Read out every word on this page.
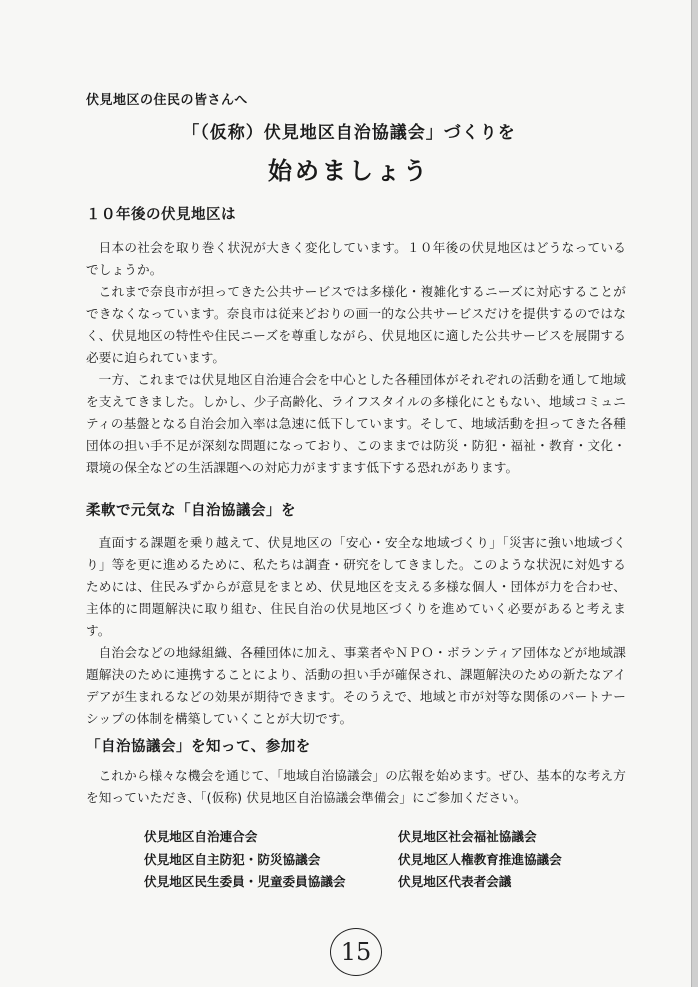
伏見地区の住民の皆さんへ
「（仮称）伏見地区自治協議会」づくりを
始めましょう
１０年後の伏見地区は

日本の社会を取り巻く状況が大きく変化しています。１０年後の伏見地区はどうなっているでしょうか。

これまで奈良市が担ってきた公共サービスでは多様化・複雑化するニーズに対応することができなくなっています。奈良市は従来どおりの画一的な公共サービスだけを提供するのではなく、伏見地区の特性や住民ニーズを尊重しながら、伏見地区に適した公共サービスを展開する必要に迫られています。

一方、これまでは伏見地区自治連合会を中心とした各種団体がそれぞれの活動を通して地域を支えてきました。しかし、少子高齢化、ライフスタイルの多様化にともない、地域コミュニティの基盤となる自治会加入率は急速に低下しています。そして、地域活動を担ってきた各種団体の担い手不足が深刻な問題になっており、このままでは防災・防犯・福祉・教育・文化・環境の保全などの生活課題への対応力がますます低下する恐れがあります。

柔軟で元気な「自治協議会」を

直面する課題を乗り越えて、伏見地区の「安心・安全な地域づくり」「災害に強い地域づくり」等を更に進めるために、私たちは調査・研究をしてきました。このような状況に対処するためには、住民みずからが意見をまとめ、伏見地区を支える多様な個人・団体が力を合わせ、主体的に問題解決に取り組む、住民自治の伏見地区づくりを進めていく必要があると考えます。

自治会などの地縁組織、各種団体に加え、事業者やＮＰＯ・ボランティア団体などが地域課題解決のために連携することにより、活動の担い手が確保され、課題解決のための新たなアイデアが生まれるなどの効果が期待できます。そのうえで、地域と市が対等な関係のパートナーシップの体制を構築していくことが大切です。

「自治協議会」を知って、参加を

これから様々な機会を通じて、「地域自治協議会」の広報を始めます。ぜひ、基本的な考え方を知っていただき、「(仮称) 伏見地区自治協議会準備会」にご参加ください。

伏見地区自治連合会
伏見地区自主防犯・防災協議会
伏見地区民生委員・児童委員協議会
伏見地区社会福祉協議会
伏見地区人権教育推進協議会
伏見地区代表者会議
15
